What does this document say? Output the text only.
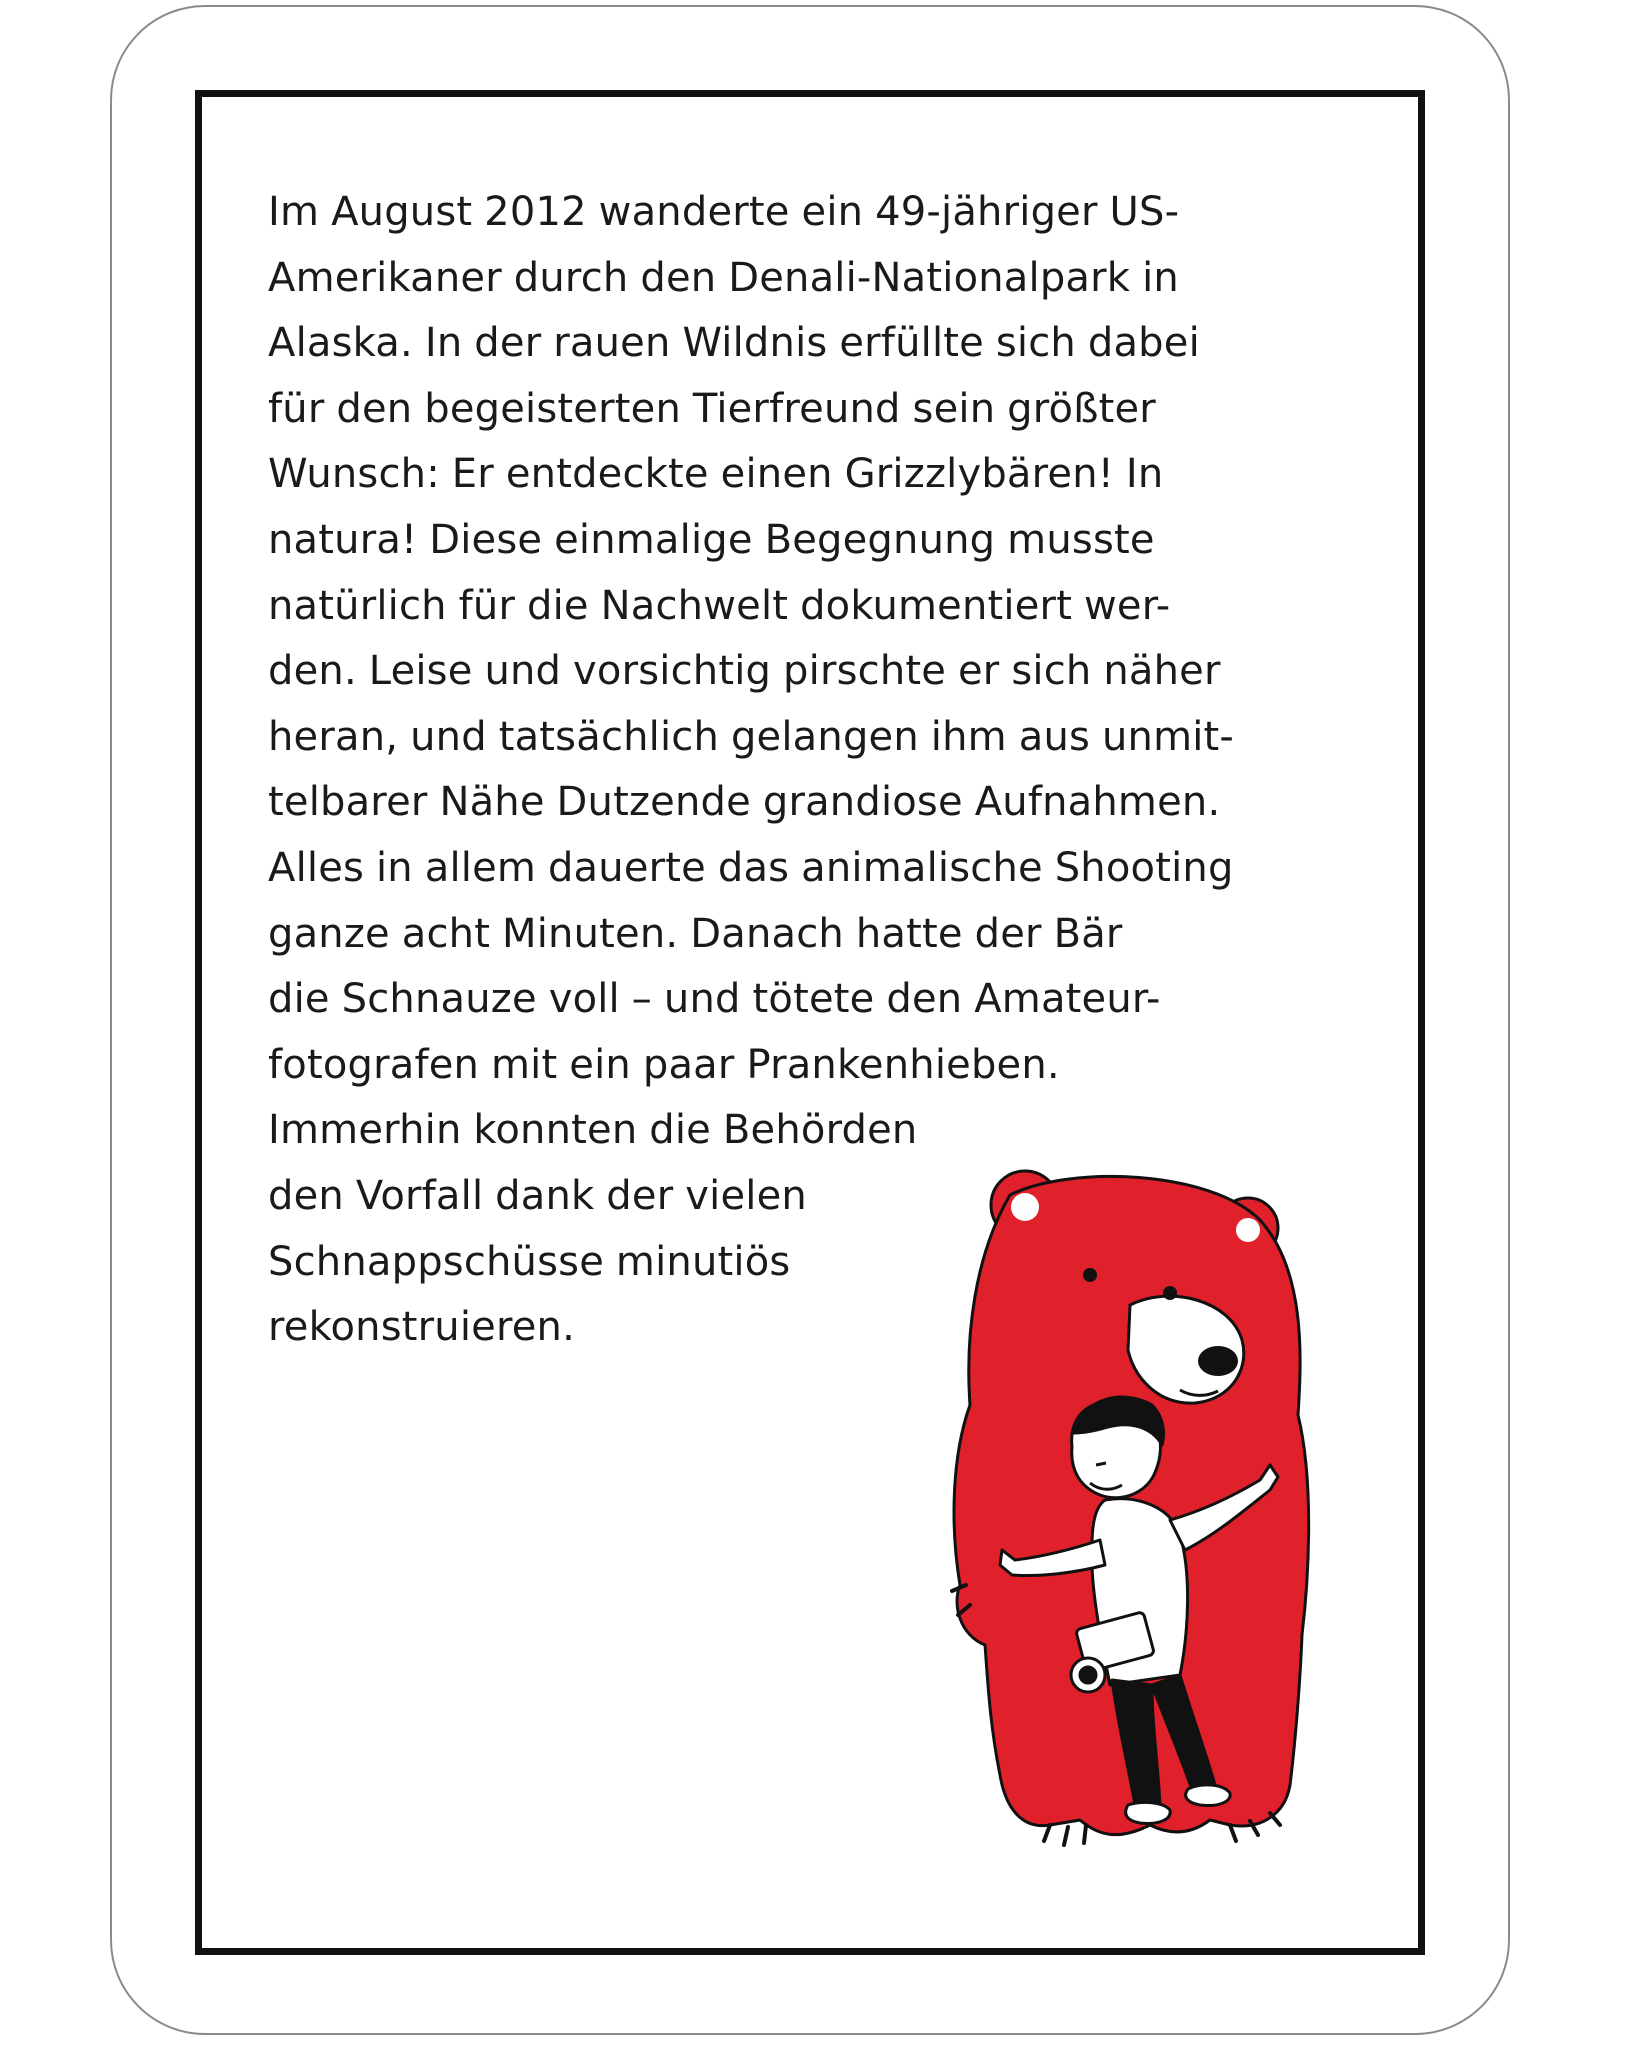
Im August 2012 wanderte ein 49-jähriger US-
Amerikaner durch den Denali-Nationalpark in
Alaska. In der rauen Wildnis erfüllte sich dabei
für den begeisterten Tierfreund sein größter
Wunsch: Er entdeckte einen Grizzlybären! In
natura! Diese einmalige Begegnung musste
natürlich für die Nachwelt dokumentiert wer-
den. Leise und vorsichtig pirschte er sich näher
heran, und tatsächlich gelangen ihm aus unmit-
telbarer Nähe Dutzende grandiose Aufnahmen.
Alles in allem dauerte das animalische Shooting
ganze acht Minuten. Danach hatte der Bär
die Schnauze voll – und tötete den Amateur-
fotografen mit ein paar Prankenhieben.
Immerhin konnten die Behörden
den Vorfall dank der vielen
Schnappschüsse minutiös
rekonstruieren.
